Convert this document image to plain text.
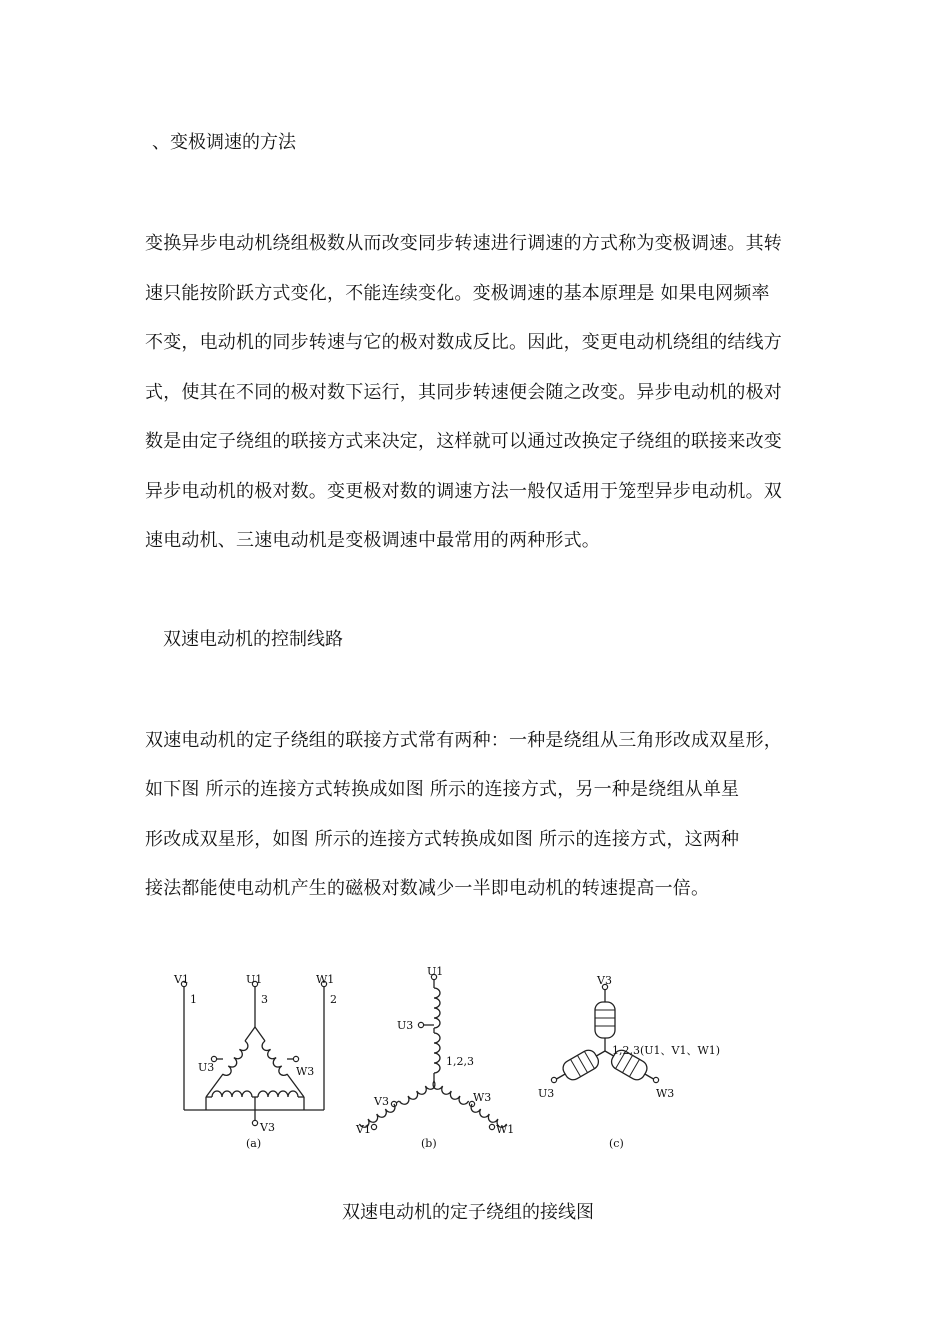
、变极调速的方法
变换异步电动机绕组极数从而改变同步转速进行调速的方式称为变极调速。其转
速只能按阶跃方式变化，不能连续变化。变极调速的基本原理是 如果电网频率
不变，电动机的同步转速与它的极对数成反比。因此，变更电动机绕组的结线方
式，使其在不同的极对数下运行，其同步转速便会随之改变。异步电动机的极对
数是由定子绕组的联接方式来决定，这样就可以通过改换定子绕组的联接来改变
异步电动机的极对数。变更极对数的调速方法一般仅适用于笼型异步电动机。双
速电动机、三速电动机是变极调速中最常用的两种形式。
双速电动机的控制线路
双速电动机的定子绕组的联接方式常有两种：一种是绕组从三角形改成双星形，
如下图 所示的连接方式转换成如图 所示的连接方式，另一种是绕组从单星
形改成双星形，如图 所示的连接方式转换成如图 所示的连接方式，这两种
接法都能使电动机产生的磁极对数减少一半即电动机的转速提高一倍。
V1	U1	W1
1	3	2
U3	W3
V3
(a)
U1
U3
1,2,3
V3	W3
V1	W1
(b)
V3
1,2,3(U1、V1、W1)
U3	W3
(c)
双速电动机的定子绕组的接线图
